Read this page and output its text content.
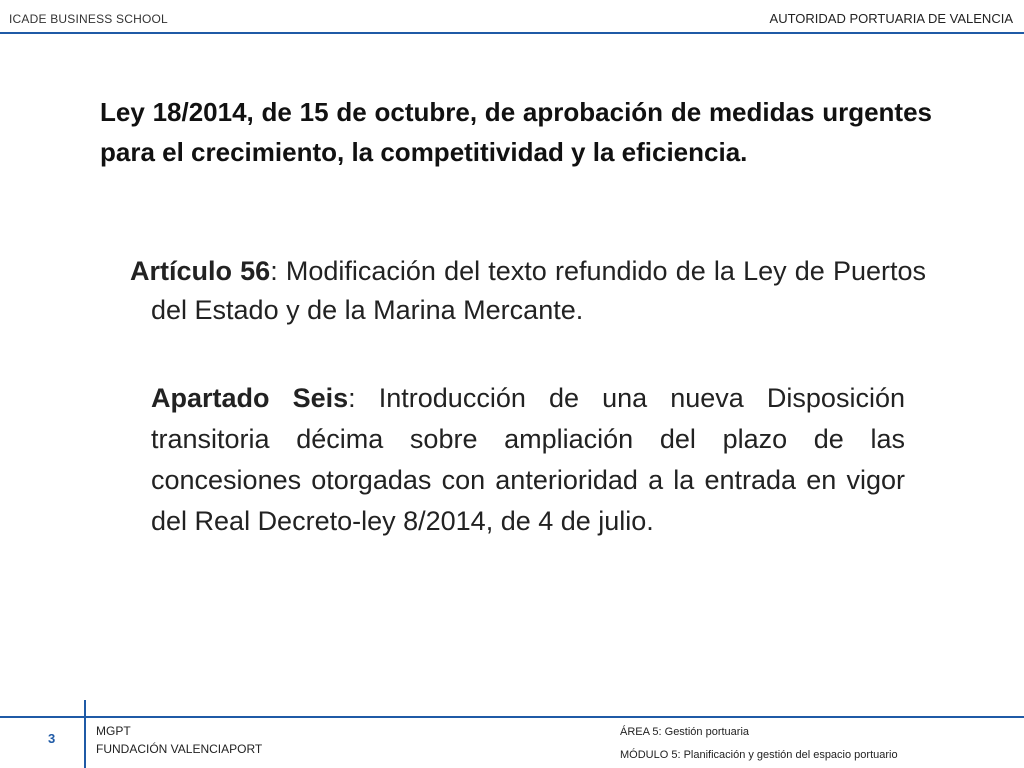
ICADE BUSINESS SCHOOL	AUTORIDAD PORTUARIA DE VALENCIA
Ley 18/2014, de 15 de octubre, de aprobación de medidas urgentes para el crecimiento, la competitividad y la eficiencia.
Artículo 56: Modificación del texto refundido de la Ley de Puertos del Estado y de la Marina Mercante.
Apartado Seis: Introducción de una nueva Disposición transitoria décima sobre ampliación del plazo de las concesiones otorgadas con anterioridad a la entrada en vigor del Real Decreto-ley 8/2014, de 4 de julio.
3	MGPT
FUNDACIÓN VALENCIAPORT
ÁREA 5: Gestión portuaria
MÓDULO 5: Planificación y gestión del espacio portuario
